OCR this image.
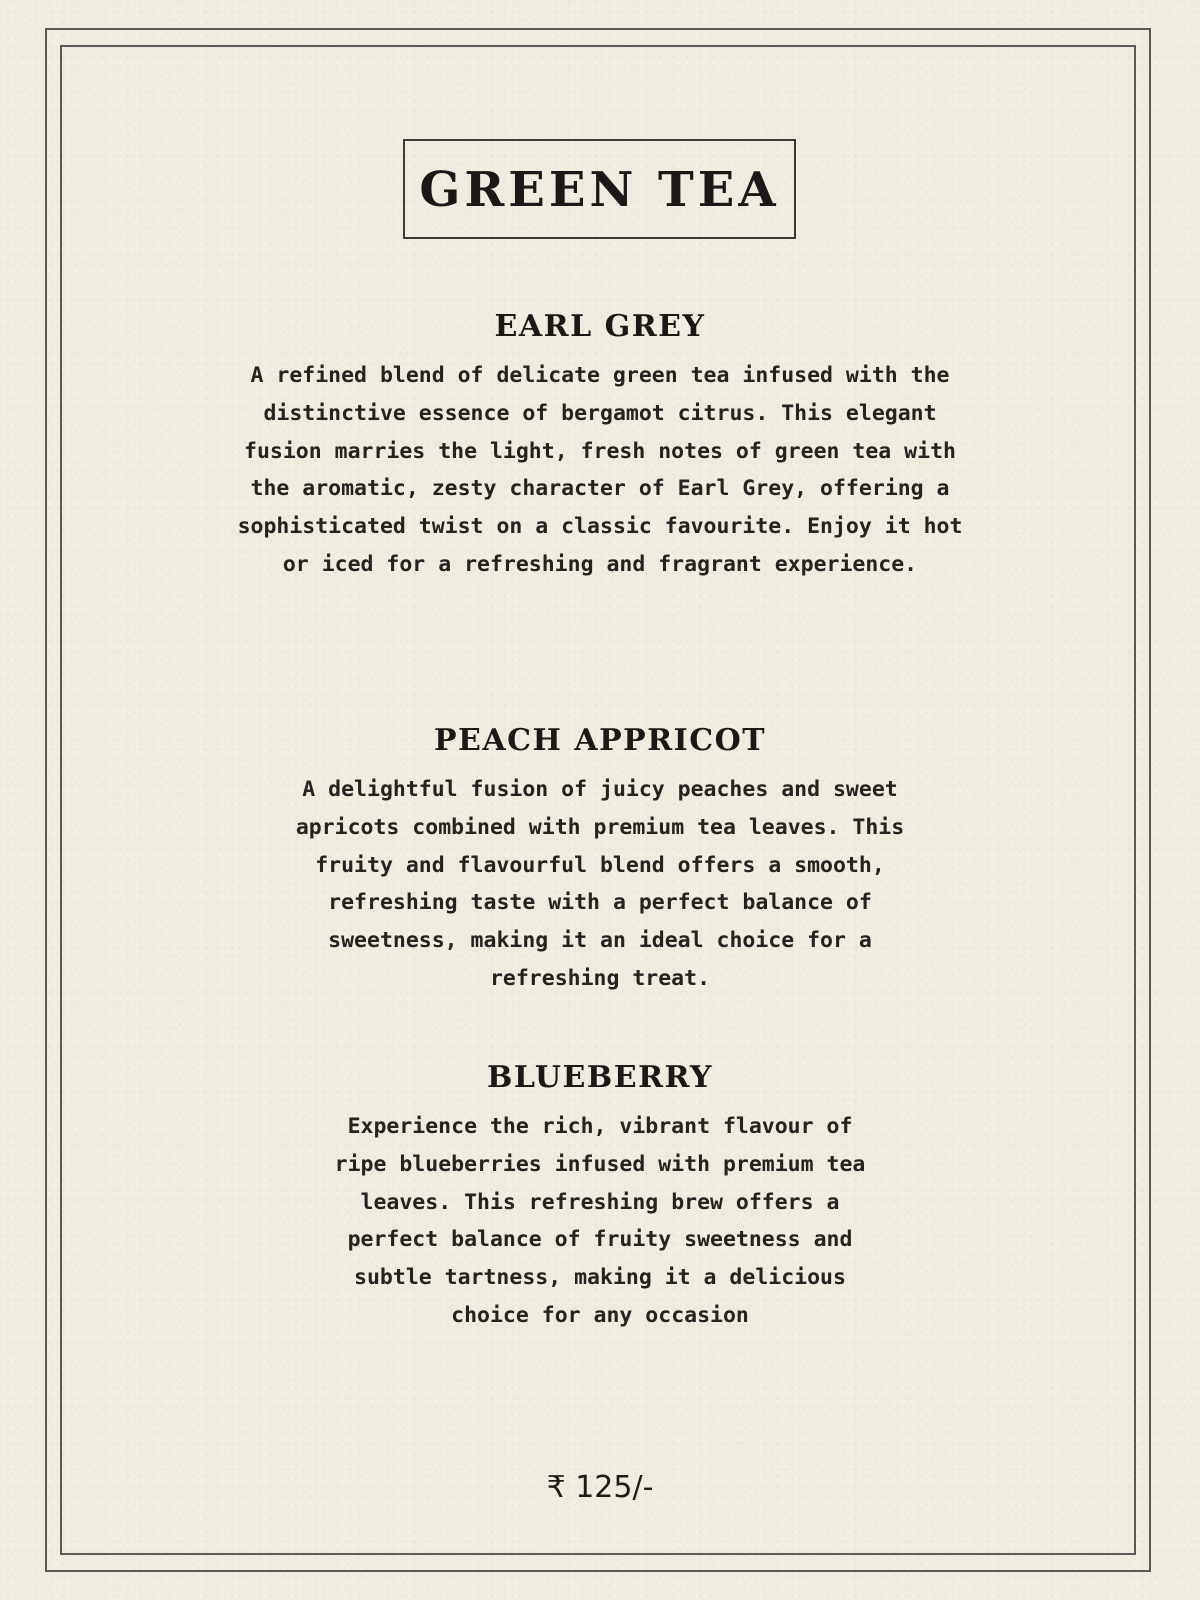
GREEN TEA
EARL GREY

A refined blend of delicate green tea infused with the distinctive essence of bergamot citrus. This elegant fusion marries the light, fresh notes of green tea with the aromatic, zesty character of Earl Grey, offering a sophisticated twist on a classic favourite. Enjoy it hot or iced for a refreshing and fragrant experience.

PEACH APPRICOT

A delightful fusion of juicy peaches and sweet apricots combined with premium tea leaves. This fruity and flavourful blend offers a smooth, refreshing taste with a perfect balance of sweetness, making it an ideal choice for a refreshing treat.

BLUEBERRY

Experience the rich, vibrant flavour of ripe blueberries infused with premium tea leaves. This refreshing brew offers a perfect balance of fruity sweetness and subtle tartness, making it a delicious choice for any occasion

₹ 125/-
